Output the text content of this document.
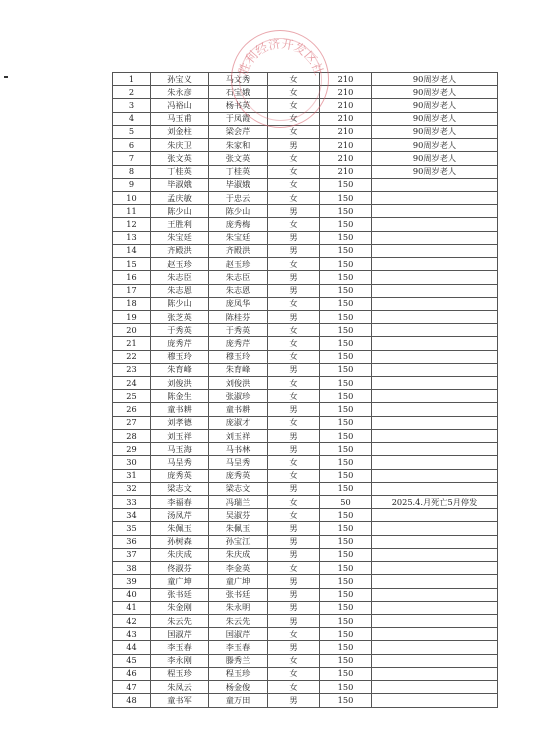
1	孙宝义	马文秀	女	210	90周岁老人
2	朱永彦	石宝娥	女	210	90周岁老人
3	冯裕山	杨书英	女	210	90周岁老人
4	马玉甫	于凤霞	女	210	90周岁老人
5	刘金柱	梁会芹	女	210	90周岁老人
6	朱庆卫	朱家和	男	210	90周岁老人
7	张文英	张文英	女	210	90周岁老人
8	丁桂英	丁桂英	女	210	90周岁老人
9	毕淑娥	毕淑娥	女	150	
10	孟庆敏	于忠云	女	150	
11	陈少山	陈少山	男	150	
12	王胜利	庞秀梅	女	150	
13	朱宝廷	朱宝廷	男	150	
14	齐殿洪	齐殿洪	男	150	
15	赵玉珍	赵玉珍	女	150	
16	朱志臣	朱志臣	男	150	
17	朱志恩	朱志恩	男	150	
18	陈少山	庞凤华	女	150	
19	张芝英	陈桂芬	男	150	
20	于秀英	于秀英	女	150	
21	庞秀芹	庞秀芹	女	150	
22	穆玉玲	穆玉玲	女	150	
23	朱育峰	朱育峰	男	150	
24	刘俊洪	刘俊洪	女	150	
25	陈金生	张淑珍	女	150	
26	童书耕	童书耕	男	150	
27	刘孝德	庞淑才	女	150	
28	刘玉祥	刘玉祥	男	150	
29	马玉海	马书林	男	150	
30	马呈秀	马呈秀	女	150	
31	庞秀英	庞秀英	女	150	
32	梁志文	梁志文	男	150	
33	李福春	冯瑞兰	女	50	2025.4.月死亡5月停发
34	汤凤芹	吴淑芬	女	150	
35	朱佩玉	朱佩玉	男	150	
36	孙树森	孙宝江	男	150	
37	朱庆成	朱庆成	男	150	
38	佟淑芬	李金英	女	150	
39	童广坤	童广坤	男	150	
40	张书廷	张书廷	男	150	
41	朱金刚	朱永明	男	150	
42	朱云先	朱云先	男	150	
43	国淑芹	国淑芹	女	150	
44	李玉春	李玉春	男	150	
45	李永刚	滕秀兰	女	150	
46	程玉珍	程玉珍	女	150	
47	朱凤云	杨金俊	女	150	
48	童书军	童万田	男	150	
胜利经济开发区社
